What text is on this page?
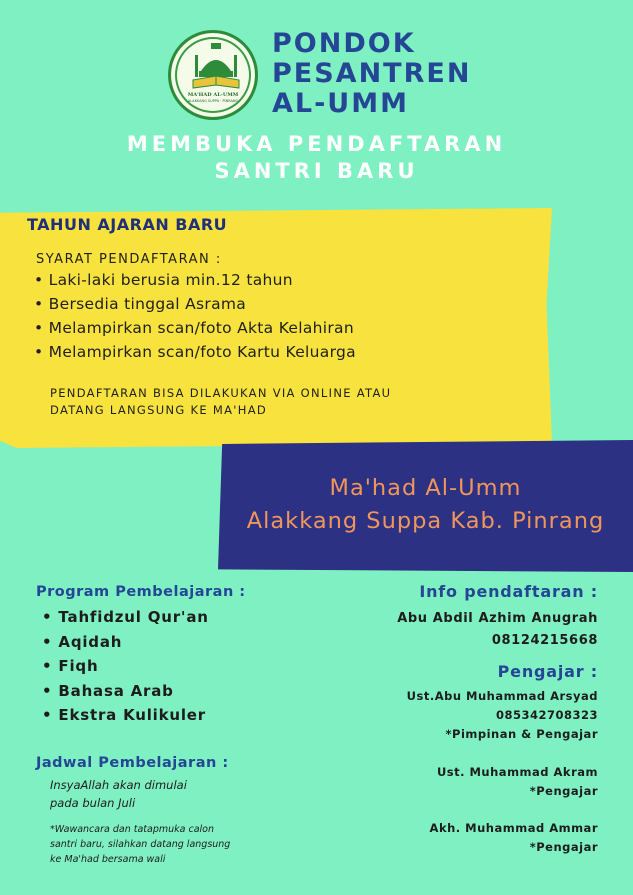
MA'HAD AL-UMM
ALAKKANG SUPPA · PINRANG
PONDOK
PESANTREN
AL-UMM
MEMBUKA PENDAFTARAN
SANTRI BARU
TAHUN AJARAN BARU
SYARAT PENDAFTARAN :
• Laki-laki berusia min.12 tahun
• Bersedia tinggal Asrama
• Melampirkan scan/foto Akta Kelahiran
• Melampirkan scan/foto Kartu Keluarga
PENDAFTARAN BISA DILAKUKAN VIA ONLINE ATAU
DATANG LANGSUNG KE MA'HAD
Ma'had Al-Umm
Alakkang Suppa Kab. Pinrang
Program Pembelajaran :
• Tahfidzul Qur'an
• Aqidah
• Fiqh
• Bahasa Arab
• Ekstra Kulikuler
Jadwal Pembelajaran :
InsyaAllah akan dimulai
pada bulan Juli
*Wawancara dan tatapmuka calon
santri baru, silahkan datang langsung
ke Ma'had bersama wali
Info pendaftaran :
Abu Abdil Azhim Anugrah
08124215668
Pengajar :
Ust.Abu Muhammad Arsyad
085342708323
*Pimpinan & Pengajar
Ust. Muhammad Akram
*Pengajar
Akh. Muhammad Ammar
*Pengajar
